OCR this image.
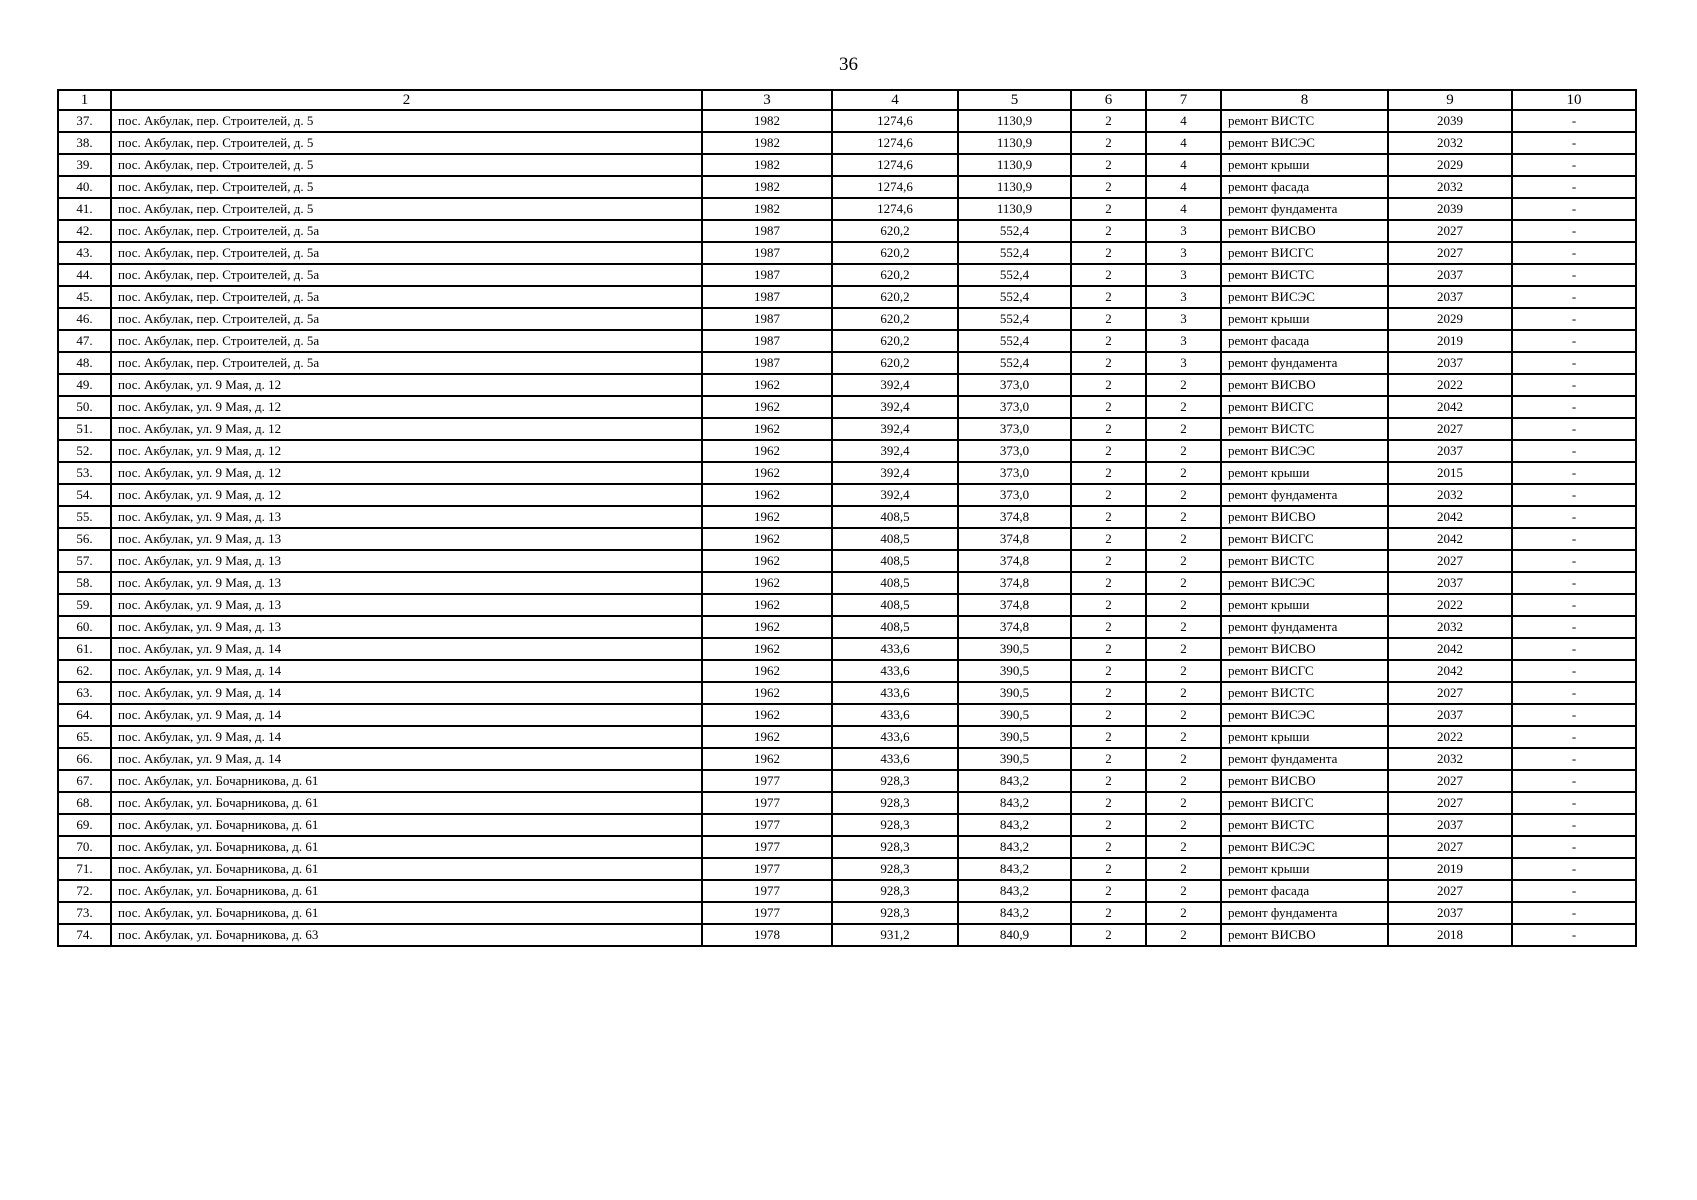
36
1	2	3	4	5	6	7	8	9	10
37.	пос. Акбулак, пер. Строителей, д. 5	1982	1274,6	1130,9	2	4	ремонт ВИСТС	2039	-
38.	пос. Акбулак, пер. Строителей, д. 5	1982	1274,6	1130,9	2	4	ремонт ВИСЭС	2032	-
39.	пос. Акбулак, пер. Строителей, д. 5	1982	1274,6	1130,9	2	4	ремонт крыши	2029	-
40.	пос. Акбулак, пер. Строителей, д. 5	1982	1274,6	1130,9	2	4	ремонт фасада	2032	-
41.	пос. Акбулак, пер. Строителей, д. 5	1982	1274,6	1130,9	2	4	ремонт фундамента	2039	-
42.	пос. Акбулак, пер. Строителей, д. 5а	1987	620,2	552,4	2	3	ремонт ВИСВО	2027	-
43.	пос. Акбулак, пер. Строителей, д. 5а	1987	620,2	552,4	2	3	ремонт ВИСГС	2027	-
44.	пос. Акбулак, пер. Строителей, д. 5а	1987	620,2	552,4	2	3	ремонт ВИСТС	2037	-
45.	пос. Акбулак, пер. Строителей, д. 5а	1987	620,2	552,4	2	3	ремонт ВИСЭС	2037	-
46.	пос. Акбулак, пер. Строителей, д. 5а	1987	620,2	552,4	2	3	ремонт крыши	2029	-
47.	пос. Акбулак, пер. Строителей, д. 5а	1987	620,2	552,4	2	3	ремонт фасада	2019	-
48.	пос. Акбулак, пер. Строителей, д. 5а	1987	620,2	552,4	2	3	ремонт фундамента	2037	-
49.	пос. Акбулак, ул. 9 Мая, д. 12	1962	392,4	373,0	2	2	ремонт ВИСВО	2022	-
50.	пос. Акбулак, ул. 9 Мая, д. 12	1962	392,4	373,0	2	2	ремонт ВИСГС	2042	-
51.	пос. Акбулак, ул. 9 Мая, д. 12	1962	392,4	373,0	2	2	ремонт ВИСТС	2027	-
52.	пос. Акбулак, ул. 9 Мая, д. 12	1962	392,4	373,0	2	2	ремонт ВИСЭС	2037	-
53.	пос. Акбулак, ул. 9 Мая, д. 12	1962	392,4	373,0	2	2	ремонт крыши	2015	-
54.	пос. Акбулак, ул. 9 Мая, д. 12	1962	392,4	373,0	2	2	ремонт фундамента	2032	-
55.	пос. Акбулак, ул. 9 Мая, д. 13	1962	408,5	374,8	2	2	ремонт ВИСВО	2042	-
56.	пос. Акбулак, ул. 9 Мая, д. 13	1962	408,5	374,8	2	2	ремонт ВИСГС	2042	-
57.	пос. Акбулак, ул. 9 Мая, д. 13	1962	408,5	374,8	2	2	ремонт ВИСТС	2027	-
58.	пос. Акбулак, ул. 9 Мая, д. 13	1962	408,5	374,8	2	2	ремонт ВИСЭС	2037	-
59.	пос. Акбулак, ул. 9 Мая, д. 13	1962	408,5	374,8	2	2	ремонт крыши	2022	-
60.	пос. Акбулак, ул. 9 Мая, д. 13	1962	408,5	374,8	2	2	ремонт фундамента	2032	-
61.	пос. Акбулак, ул. 9 Мая, д. 14	1962	433,6	390,5	2	2	ремонт ВИСВО	2042	-
62.	пос. Акбулак, ул. 9 Мая, д. 14	1962	433,6	390,5	2	2	ремонт ВИСГС	2042	-
63.	пос. Акбулак, ул. 9 Мая, д. 14	1962	433,6	390,5	2	2	ремонт ВИСТС	2027	-
64.	пос. Акбулак, ул. 9 Мая, д. 14	1962	433,6	390,5	2	2	ремонт ВИСЭС	2037	-
65.	пос. Акбулак, ул. 9 Мая, д. 14	1962	433,6	390,5	2	2	ремонт крыши	2022	-
66.	пос. Акбулак, ул. 9 Мая, д. 14	1962	433,6	390,5	2	2	ремонт фундамента	2032	-
67.	пос. Акбулак, ул. Бочарникова, д. 61	1977	928,3	843,2	2	2	ремонт ВИСВО	2027	-
68.	пос. Акбулак, ул. Бочарникова, д. 61	1977	928,3	843,2	2	2	ремонт ВИСГС	2027	-
69.	пос. Акбулак, ул. Бочарникова, д. 61	1977	928,3	843,2	2	2	ремонт ВИСТС	2037	-
70.	пос. Акбулак, ул. Бочарникова, д. 61	1977	928,3	843,2	2	2	ремонт ВИСЭС	2027	-
71.	пос. Акбулак, ул. Бочарникова, д. 61	1977	928,3	843,2	2	2	ремонт крыши	2019	-
72.	пос. Акбулак, ул. Бочарникова, д. 61	1977	928,3	843,2	2	2	ремонт фасада	2027	-
73.	пос. Акбулак, ул. Бочарникова, д. 61	1977	928,3	843,2	2	2	ремонт фундамента	2037	-
74.	пос. Акбулак, ул. Бочарникова, д. 63	1978	931,2	840,9	2	2	ремонт ВИСВО	2018	-
